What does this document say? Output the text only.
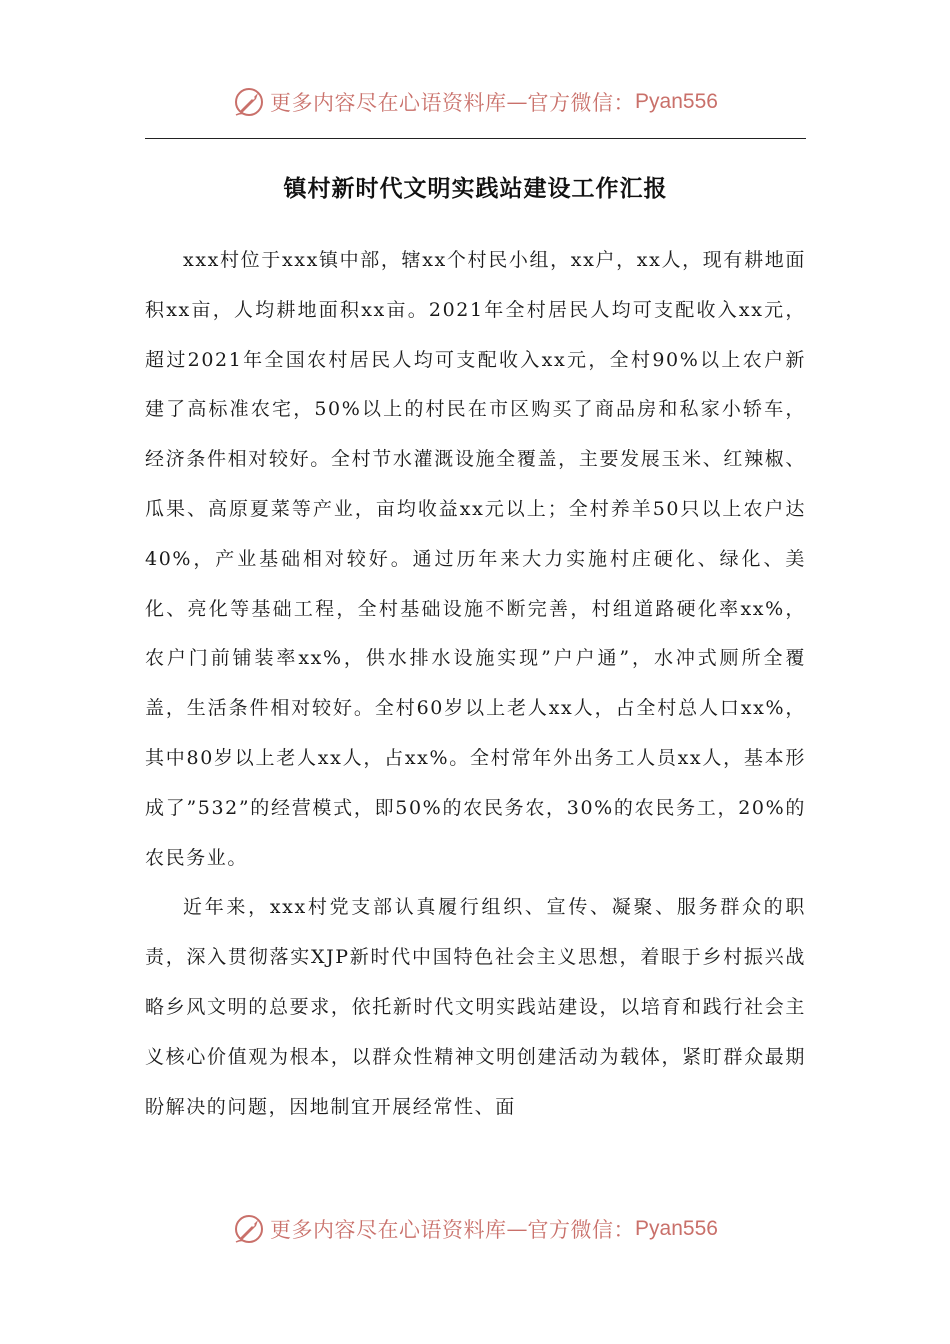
更多内容尽在心语资料库 — 官方微信： Pyan556
镇村新时代文明实践站建设工作汇报

xxx村位于xxx镇中部，辖xx个村民小组，xx户，xx人，现有耕地面积xx亩，人均耕地面积xx亩。2021年全村居民人均可支配收入xx元，超过2021年全国农村居民人均可支配收入xx元，全村90%以上农户新建了高标准农宅，50%以上的村民在市区购买了商品房和私家小轿车，经济条件相对较好。全村节水灌溉设施全覆盖，主要发展玉米、红辣椒、瓜果、高原夏菜等产业，亩均收益xx元以上；全村养羊50只以上农户达40%，产业基础相对较好。通过历年来大力实施村庄硬化、绿化、美化、亮化等基础工程，全村基础设施不断完善，村组道路硬化率xx%，农户门前铺装率xx%，供水排水设施实现”户户通”，水冲式厕所全覆盖，生活条件相对较好。全村60岁以上老人xx人，占全村总人口xx%，其中80岁以上老人xx人，占xx%。全村常年外出务工人员xx人，基本形成了”532”的经营模式，即50%的农民务农，30%的农民务工，20%的农民务业。

近年来，xxx村党支部认真履行组织、宣传、凝聚、服务群众的职责，深入贯彻落实XJP新时代中国特色社会主义思想，着眼于乡村振兴战略乡风文明的总要求，依托新时代文明实践站建设，以培育和践行社会主义核心价值观为根本，以群众性精神文明创建活动为载体，紧盯群众最期盼解决的问题，因地制宜开展经常性、面

更多内容尽在心语资料库 — 官方微信： Pyan556
